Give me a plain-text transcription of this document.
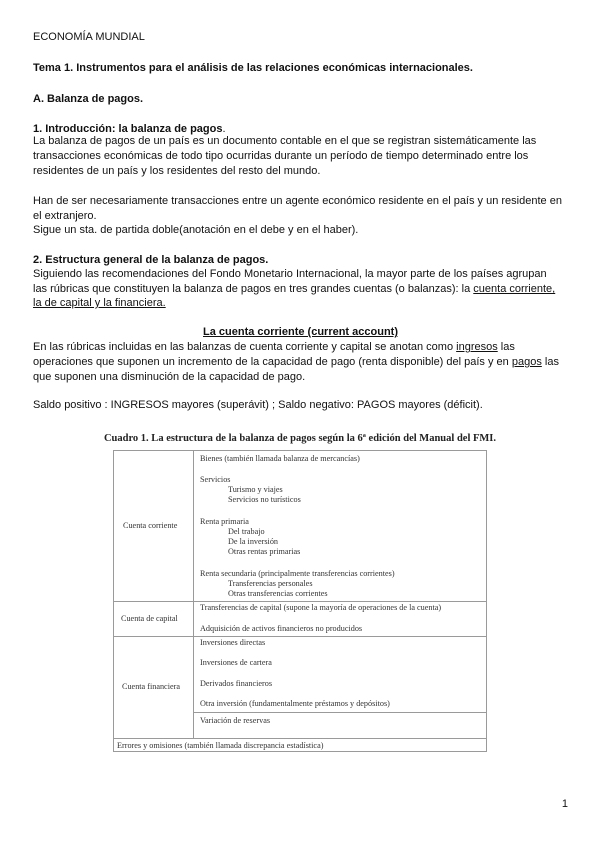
ECONOMÍA MUNDIAL
Tema 1. Instrumentos para el análisis de las relaciones económicas internacionales.
A. Balanza de pagos.
1. Introducción: la balanza de pagos.
La balanza de pagos de un país es un documento contable en el que se registran sistemáticamente las
transacciones económicas de todo tipo ocurridas durante un período de tiempo determinado entre los
residentes de un país y los residentes del resto del mundo.
Han de ser necesariamente transacciones entre un agente económico residente en el país y un residente en
el extranjero.
Sigue un sta. de partida doble(anotación en el debe y en el haber).
2. Estructura general de la balanza de pagos.
Siguiendo las recomendaciones del Fondo Monetario Internacional, la mayor parte de los países agrupan
las rúbricas que constituyen la balanza de pagos en tres grandes cuentas (o balanzas): la cuenta corriente,
la de capital y la financiera.
La cuenta corriente (current account)
En las rúbricas incluidas en las balanzas de cuenta corriente y capital se anotan como ingresos las
operaciones que suponen un incremento de la capacidad de pago (renta disponible) del país y en pagos las
que suponen una disminución de la capacidad de pago.
Saldo positivo : INGRESOS mayores (superávit) ; Saldo negativo: PAGOS mayores (déficit).
Cuadro 1. La estructura de la balanza de pagos según la 6ª edición del Manual del FMI.
Cuenta corriente
Cuenta de capital
Cuenta financiera
Bienes (también llamada balanza de mercancías)
Servicios
Turismo y viajes
Servicios no turísticos
Renta primaria
Del trabajo
De la inversión
Otras rentas primarias
Renta secundaria (principalmente transferencias corrientes)
Transferencias personales
Otras transferencias corrientes
Transferencias de capital (supone la mayoría de operaciones de la cuenta)
Adquisición de activos financieros no producidos
Inversiones directas
Inversiones de cartera
Derivados financieros
Otra inversión (fundamentalmente préstamos y depósitos)
Variación de reservas
Errores y omisiones (también llamada discrepancia estadística)
1
